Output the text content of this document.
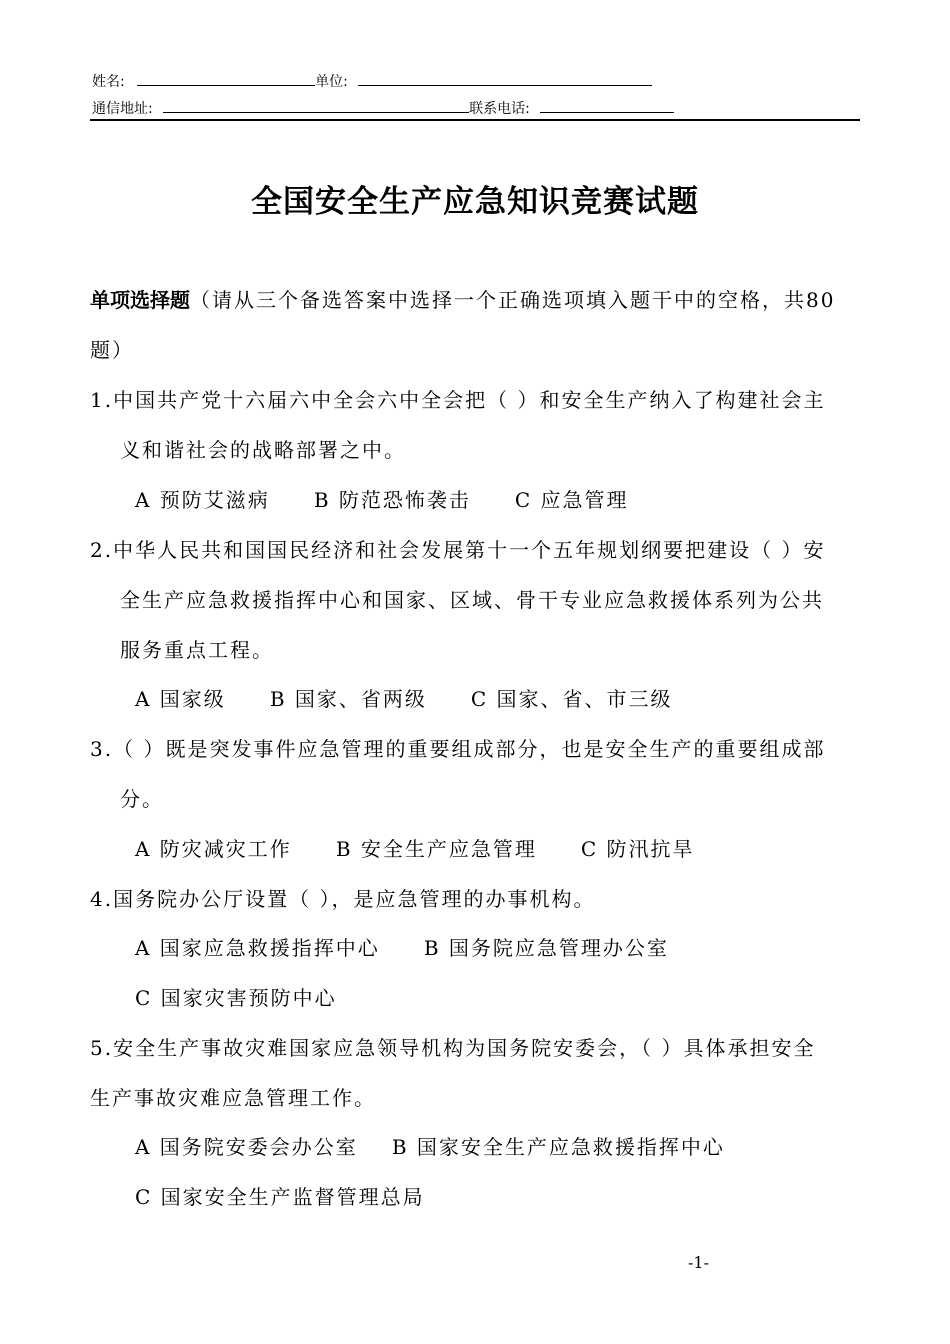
姓名:	单位:
通信地址:	联系电话:
全国安全生产应急知识竞赛试题
单项选择题（请从三个备选答案中选择一个正确选项填入题干中的空格，共80
题）
1.中国共产党十六届六中全会六中全会把（ ）和安全生产纳入了构建社会主
义和谐社会的战略部署之中。
A 预防艾滋病 B 防范恐怖袭击 C 应急管理
2.中华人民共和国国民经济和社会发展第十一个五年规划纲要把建设（ ）安
全生产应急救援指挥中心和国家、区域、骨干专业应急救援体系列为公共
服务重点工程。
A 国家级 B 国家、省两级 C 国家、省、市三级
3.（ ）既是突发事件应急管理的重要组成部分，也是安全生产的重要组成部
分。
A 防灾减灾工作 B 安全生产应急管理 C 防汛抗旱
4.国务院办公厅设置（ ），是应急管理的办事机构。
A 国家应急救援指挥中心 B 国务院应急管理办公室
C 国家灾害预防中心
5.安全生产事故灾难国家应急领导机构为国务院安委会，（ ）具体承担安全
生产事故灾难应急管理工作。
A 国务院安委会办公室 B 国家安全生产应急救援指挥中心
C 国家安全生产监督管理总局
-1-
